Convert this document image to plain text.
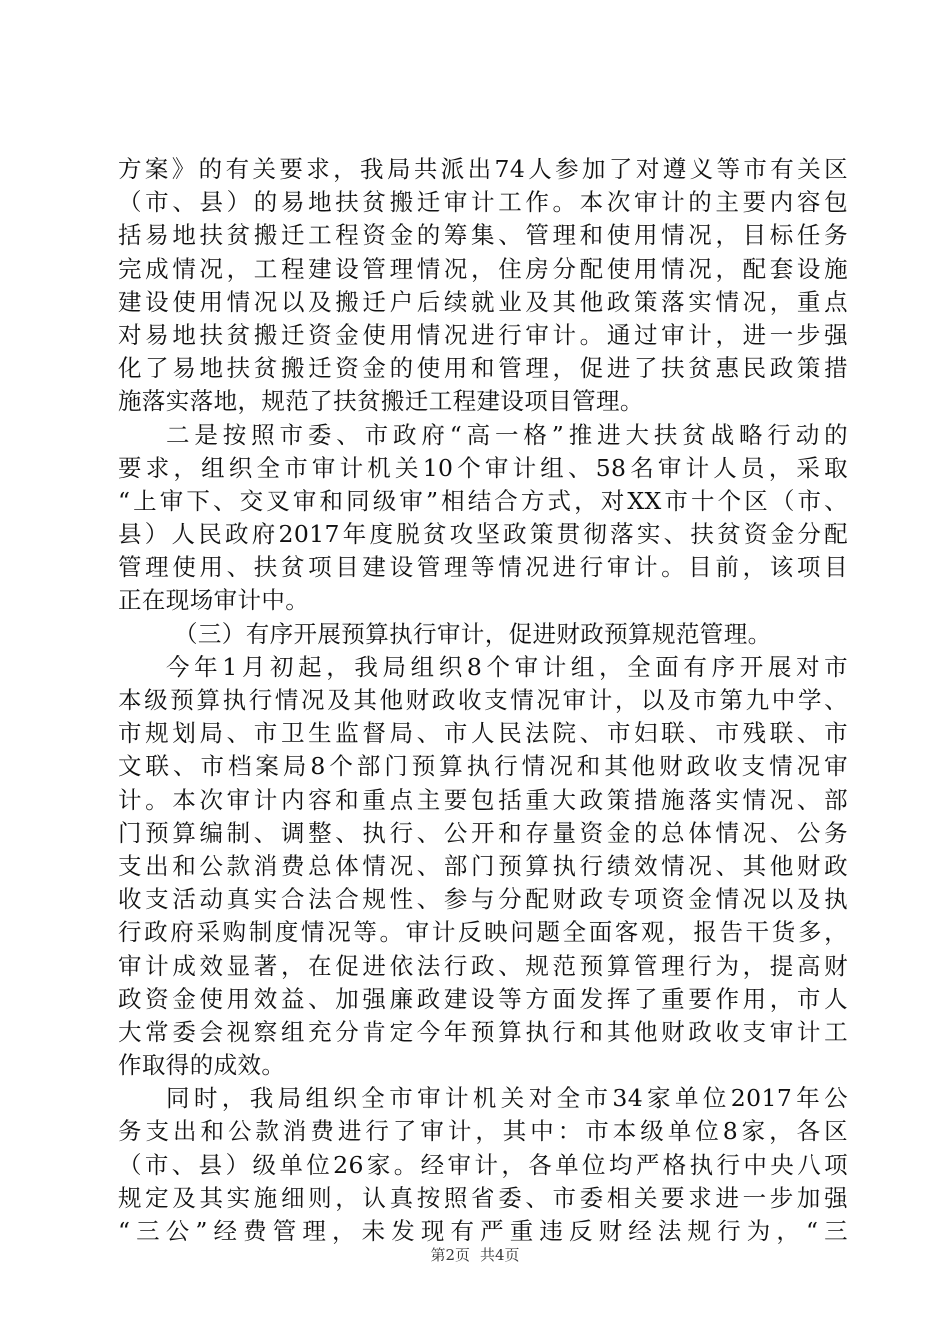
方案》的有关要求，我局共派出74人参加了对遵义等市有关区
（市、县）的易地扶贫搬迁审计工作。本次审计的主要内容包
括易地扶贫搬迁工程资金的筹集、管理和使用情况，目标任务
完成情况，工程建设管理情况，住房分配使用情况，配套设施
建设使用情况以及搬迁户后续就业及其他政策落实情况，重点
对易地扶贫搬迁资金使用情况进行审计。通过审计，进一步强
化了易地扶贫搬迁资金的使用和管理，促进了扶贫惠民政策措
施落实落地，规范了扶贫搬迁工程建设项目管理。
二是按照市委、市政府“高一格”推进大扶贫战略行动的
要求，组织全市审计机关10个审计组、58名审计人员，采取
“上审下、交叉审和同级审”相结合方式，对XX市十个区（市、
县）人民政府2017年度脱贫攻坚政策贯彻落实、扶贫资金分配
管理使用、扶贫项目建设管理等情况进行审计。目前，该项目
正在现场审计中。
（三）有序开展预算执行审计，促进财政预算规范管理。
今年1月初起，我局组织8个审计组，全面有序开展对市
本级预算执行情况及其他财政收支情况审计，以及市第九中学、
市规划局、市卫生监督局、市人民法院、市妇联、市残联、市
文联、市档案局8个部门预算执行情况和其他财政收支情况审
计。本次审计内容和重点主要包括重大政策措施落实情况、部
门预算编制、调整、执行、公开和存量资金的总体情况、公务
支出和公款消费总体情况、部门预算执行绩效情况、其他财政
收支活动真实合法合规性、参与分配财政专项资金情况以及执
行政府采购制度情况等。审计反映问题全面客观，报告干货多，
审计成效显著，在促进依法行政、规范预算管理行为，提高财
政资金使用效益、加强廉政建设等方面发挥了重要作用，市人
大常委会视察组充分肯定今年预算执行和其他财政收支审计工
作取得的成效。
同时，我局组织全市审计机关对全市34家单位2017年公
务支出和公款消费进行了审计，其中：市本级单位8家，各区
（市、县）级单位26家。经审计，各单位均严格执行中央八项
规定及其实施细则，认真按照省委、市委相关要求进一步加强
“三公”经费管理，未发现有严重违反财经法规行为，“三
第2页 共4页
